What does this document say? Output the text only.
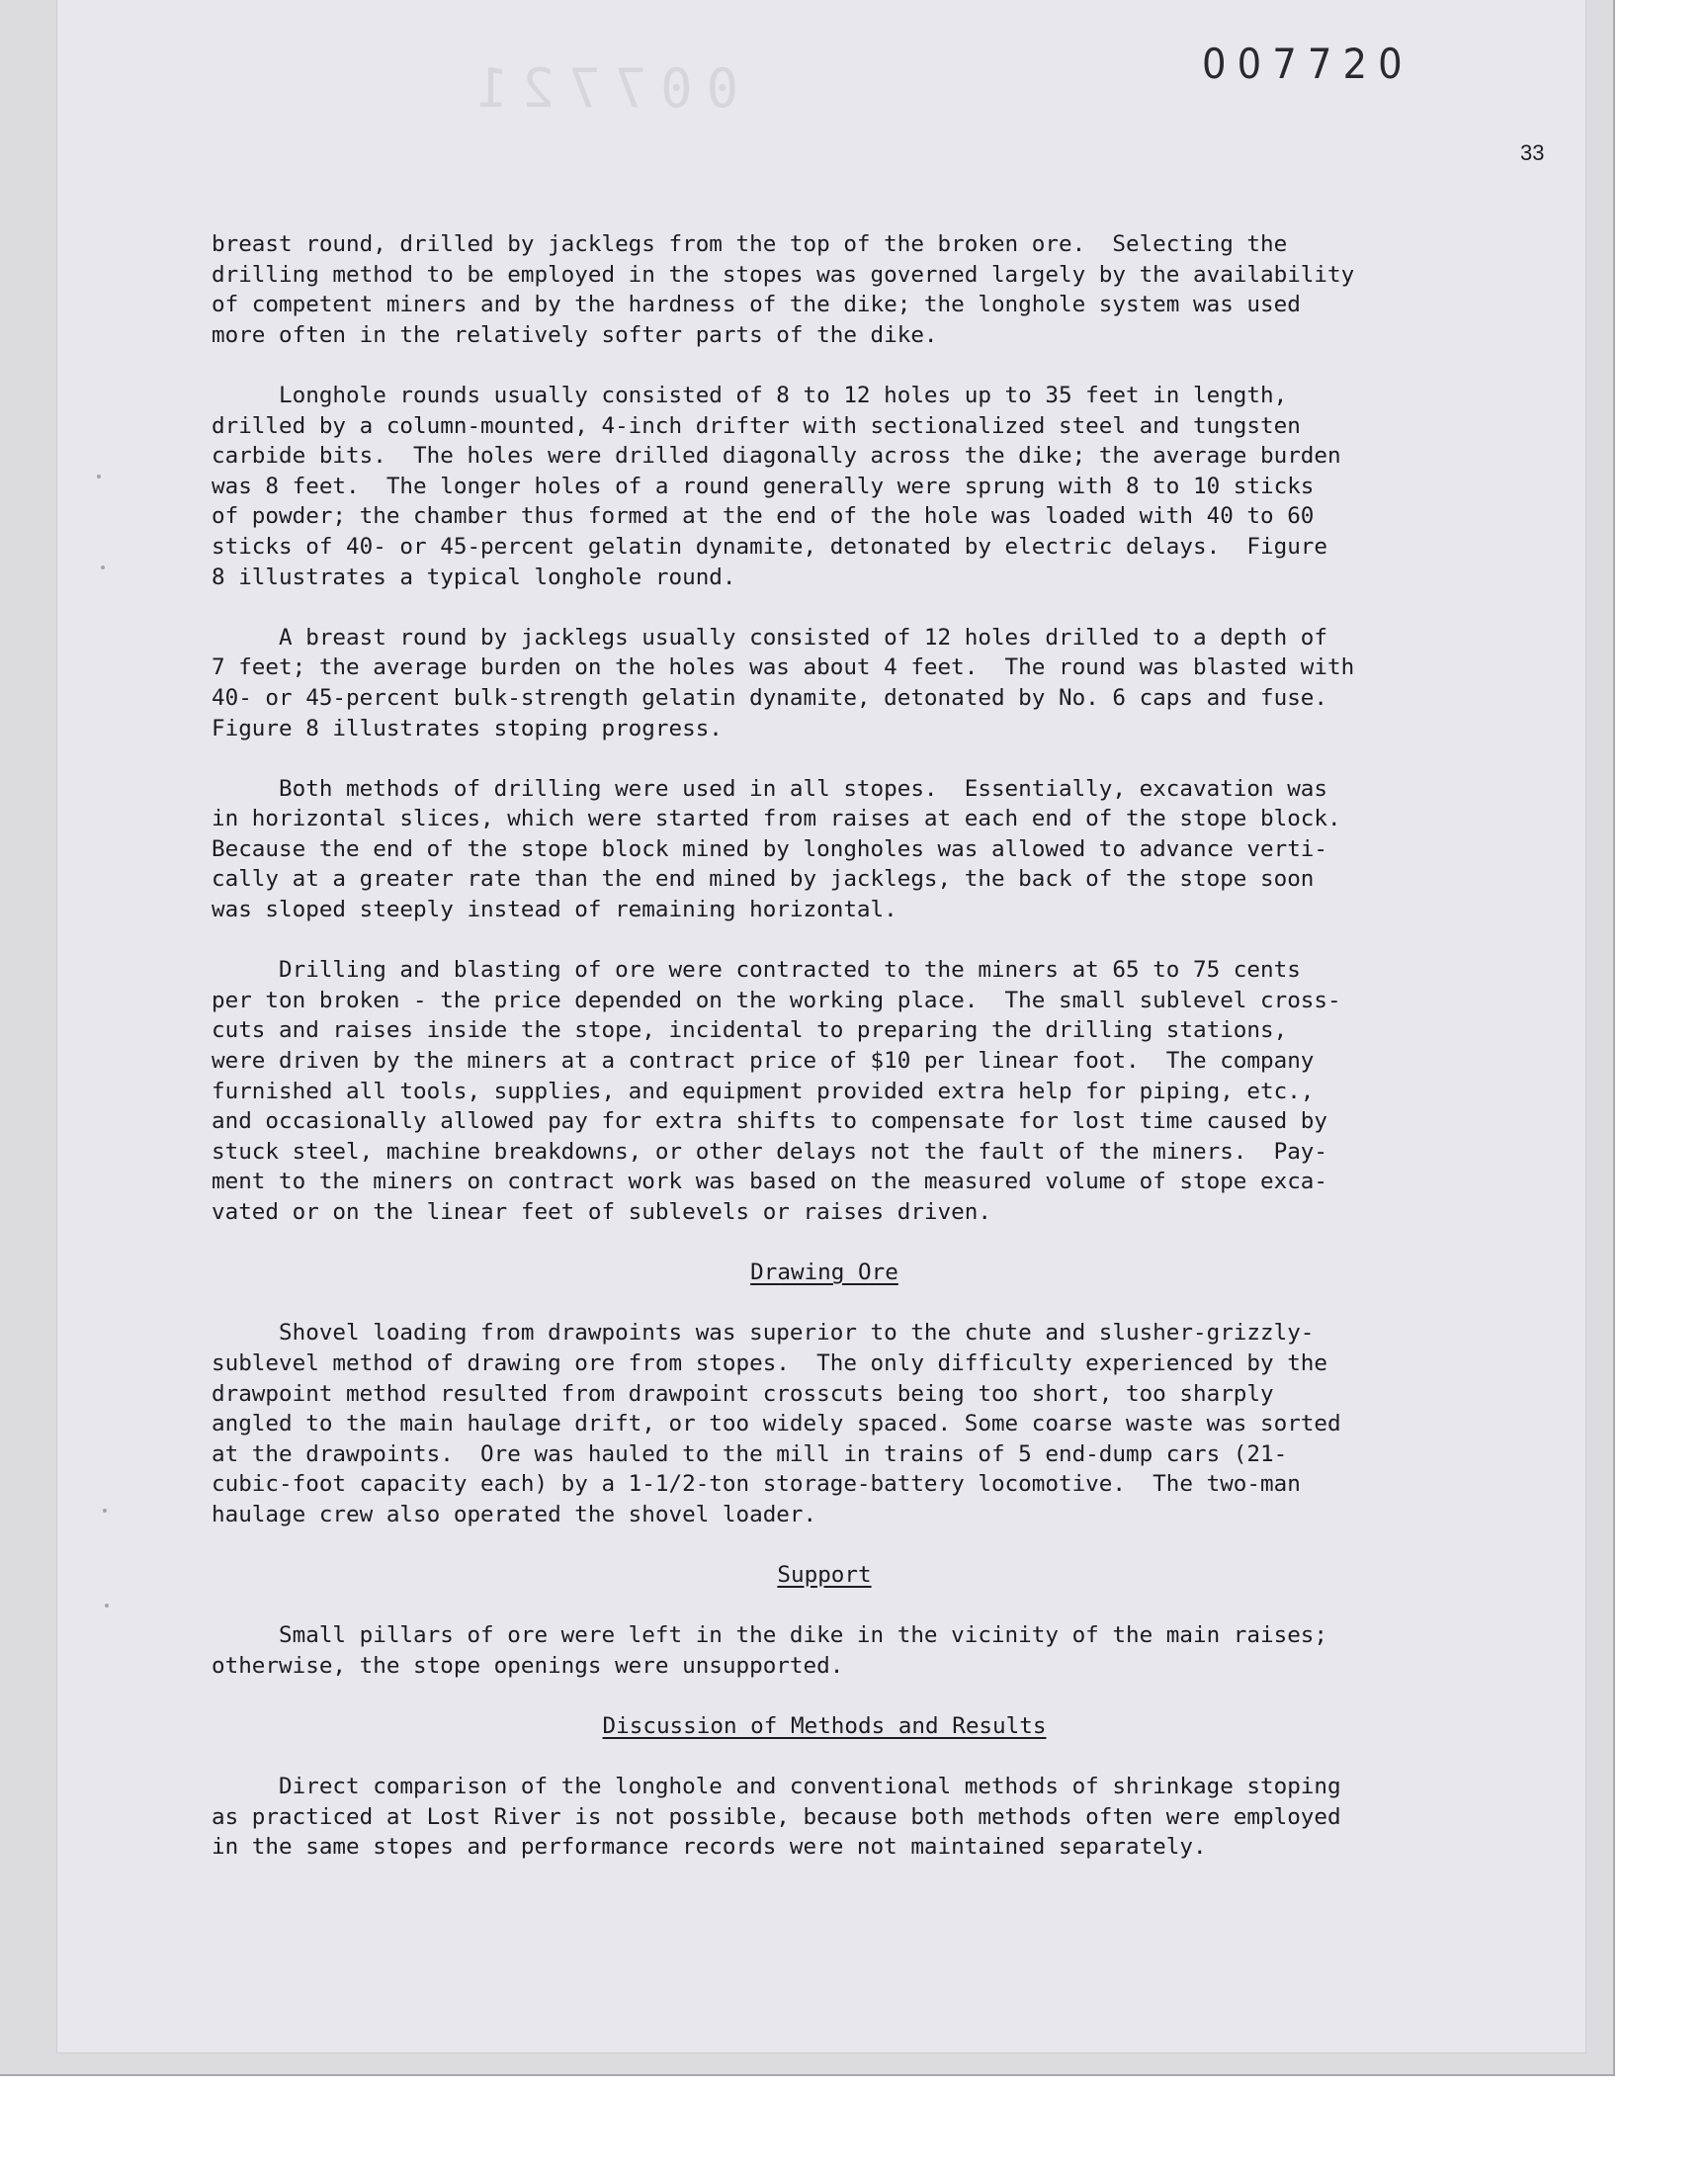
007721	007720
33

breast round, drilled by jacklegs from the top of the broken ore.  Selecting the
drilling method to be employed in the stopes was governed largely by the availability
of competent miners and by the hardness of the dike; the longhole system was used
more often in the relatively softer parts of the dike.

Longhole rounds usually consisted of 8 to 12 holes up to 35 feet in length,
drilled by a column-mounted, 4-inch drifter with sectionalized steel and tungsten
carbide bits.  The holes were drilled diagonally across the dike; the average burden
was 8 feet.  The longer holes of a round generally were sprung with 8 to 10 sticks
of powder; the chamber thus formed at the end of the hole was loaded with 40 to 60
sticks of 40- or 45-percent gelatin dynamite, detonated by electric delays.  Figure
8 illustrates a typical longhole round.

A breast round by jacklegs usually consisted of 12 holes drilled to a depth of
7 feet; the average burden on the holes was about 4 feet.  The round was blasted with
40- or 45-percent bulk-strength gelatin dynamite, detonated by No. 6 caps and fuse.
Figure 8 illustrates stoping progress.

Both methods of drilling were used in all stopes.  Essentially, excavation was
in horizontal slices, which were started from raises at each end of the stope block.
Because the end of the stope block mined by longholes was allowed to advance verti-
cally at a greater rate than the end mined by jacklegs, the back of the stope soon
was sloped steeply instead of remaining horizontal.

Drilling and blasting of ore were contracted to the miners at 65 to 75 cents
per ton broken - the price depended on the working place.  The small sublevel cross-
cuts and raises inside the stope, incidental to preparing the drilling stations,
were driven by the miners at a contract price of $10 per linear foot.  The company
furnished all tools, supplies, and equipment provided extra help for piping, etc.,
and occasionally allowed pay for extra shifts to compensate for lost time caused by
stuck steel, machine breakdowns, or other delays not the fault of the miners.  Pay-
ment to the miners on contract work was based on the measured volume of stope exca-
vated or on the linear feet of sublevels or raises driven.

Drawing Ore

Shovel loading from drawpoints was superior to the chute and slusher-grizzly-
sublevel method of drawing ore from stopes.  The only difficulty experienced by the
drawpoint method resulted from drawpoint crosscuts being too short, too sharply
angled to the main haulage drift, or too widely spaced. Some coarse waste was sorted
at the drawpoints.  Ore was hauled to the mill in trains of 5 end-dump cars (21-
cubic-foot capacity each) by a 1-1/2-ton storage-battery locomotive.  The two-man
haulage crew also operated the shovel loader.

Support

Small pillars of ore were left in the dike in the vicinity of the main raises;
otherwise, the stope openings were unsupported.

Discussion of Methods and Results

Direct comparison of the longhole and conventional methods of shrinkage stoping
as practiced at Lost River is not possible, because both methods often were employed
in the same stopes and performance records were not maintained separately.
